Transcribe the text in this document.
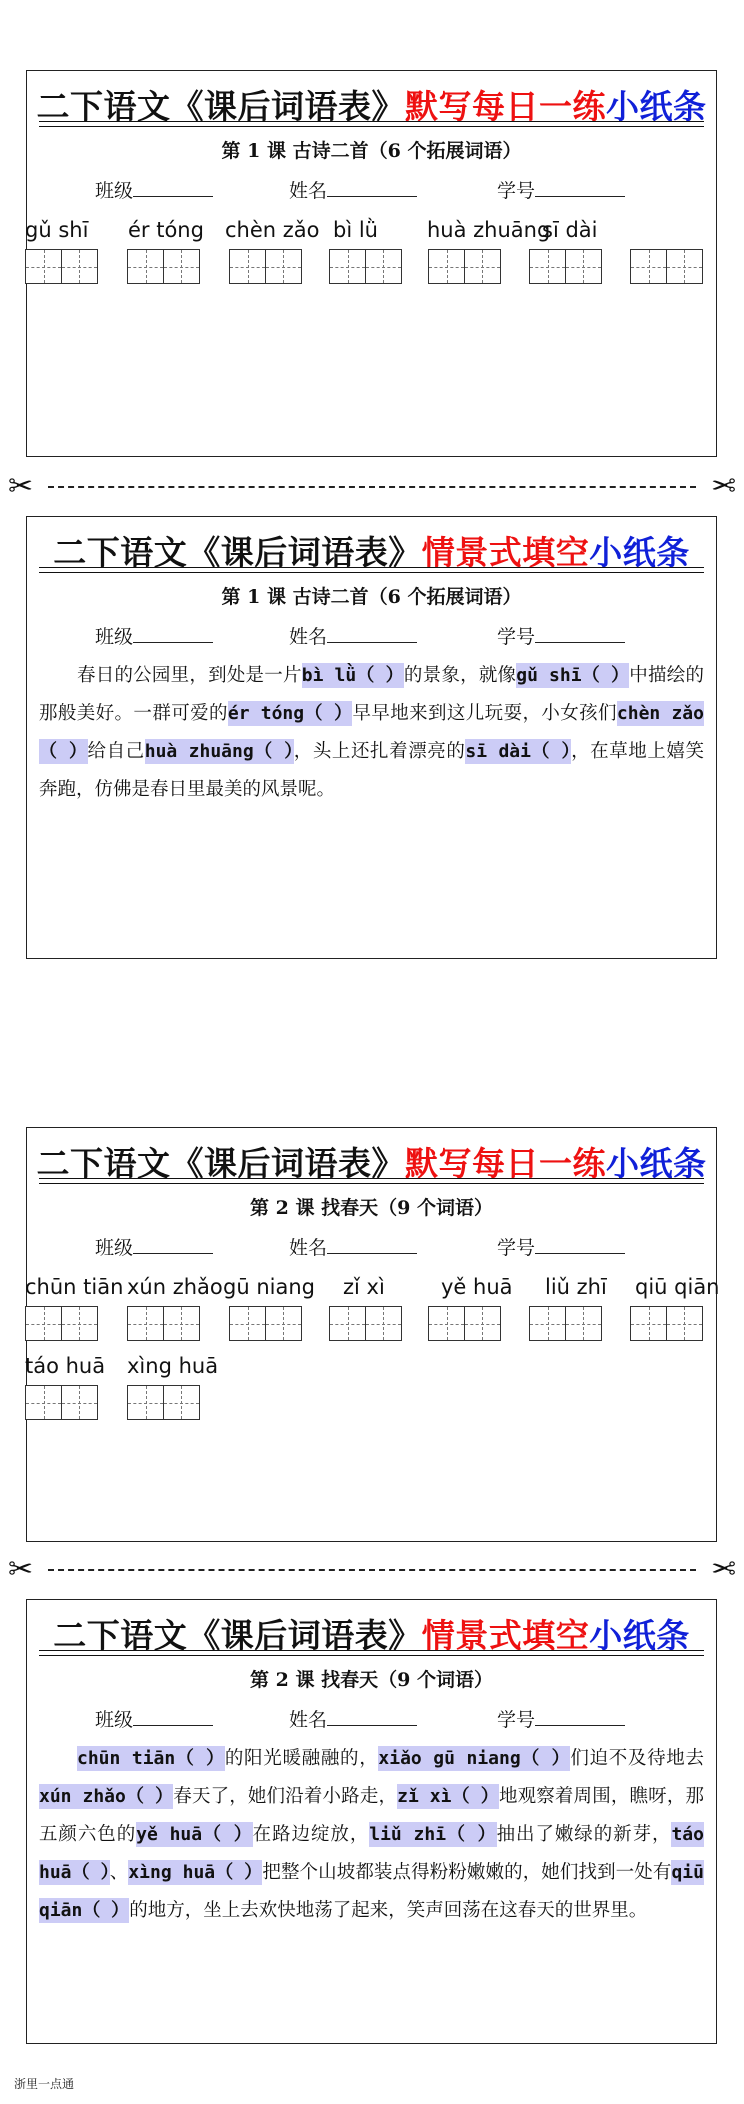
二下语文《课后词语表》默写每日一练小纸条
第 1 课 古诗二首（6 个拓展词语）
班级	姓名	学号
gǔ shī ér tóng chèn zǎo bì lǜ huà zhuāng
sī dài
✂	✂
二下语文《课后词语表》情景式填空小纸条
第 1 课 古诗二首（6 个拓展词语）
班级	姓名	学号
春日的公园里，到处是一片bì lǜ（ ）的景象，就像gǔ shī（ ）中描绘的那般美好。一群可爱的ér tóng（ ）早早地来到这儿玩耍，小女孩们chèn zǎo（ ）给自己huà zhuāng（ ），头上还扎着漂亮的sī dài（ ），在草地上嬉笑奔跑，仿佛是春日里最美的风景呢。
二下语文《课后词语表》默写每日一练小纸条
第 2 课 找春天（9 个词语）
班级	姓名	学号
chūn tiān xún zhǎo gū niang zǐ xì	yě huā liǔ zhī qiū qiān
táo huā xìng huā
✂	✂
二下语文《课后词语表》情景式填空小纸条
第 2 课 找春天（9 个词语）
班级	姓名	学号
chūn tiān（ ）的阳光暖融融的，xiǎo gū niang（ ）们迫不及待地去xún zhǎo（ ）春天了，她们沿着小路走，zǐ xì（ ）地观察着周围，瞧呀，那五颜六色的yě huā（ ）在路边绽放，liǔ zhī（ ）抽出了嫩绿的新芽，táo huā（ ）、xìng huā（ ）把整个山坡都装点得粉粉嫩嫩的，她们找到一处有qiū qiān（ ）的地方，坐上去欢快地荡了起来，笑声回荡在这春天的世界里。
浙里一点通
